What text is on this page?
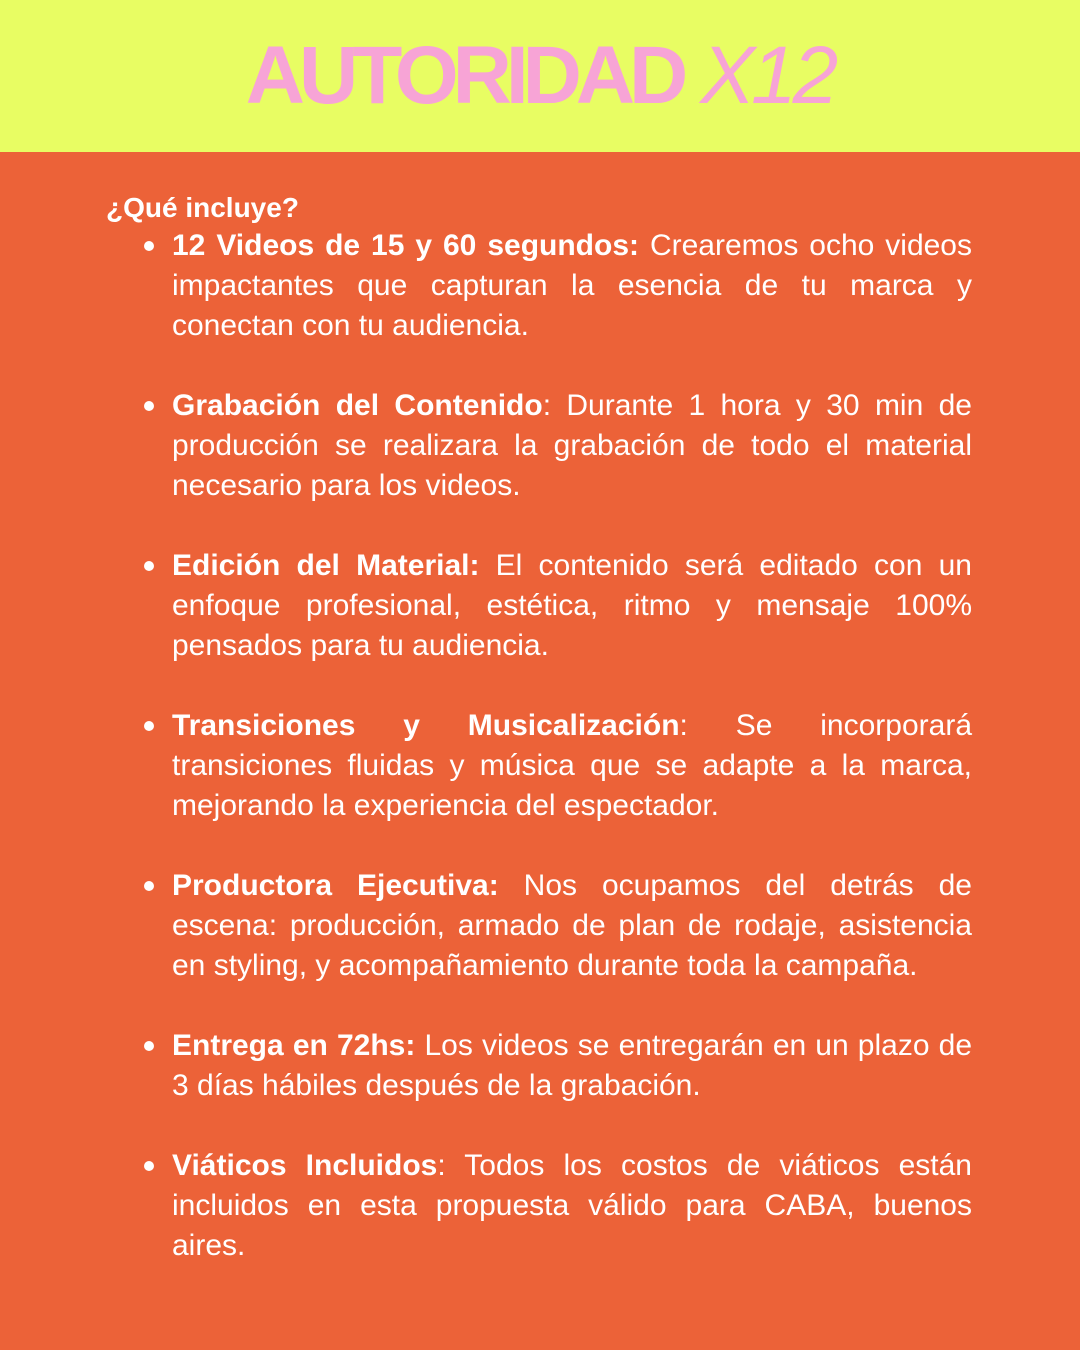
AUTORIDAD X12

¿Qué incluye?

12 Videos de 15 y 60 segundos: Crearemos ocho videos impactantes que capturan la esencia de tu marca y conectan con tu audiencia.
Grabación del Contenido: Durante 1 hora y 30 min de producción se realizara la grabación de todo el material necesario para los videos.
Edición del Material: El contenido será editado con un enfoque profesional, estética, ritmo y mensaje 100% pensados para tu audiencia.
Transiciones y Musicalización: Se incorporará transiciones fluidas y música que se adapte a la marca, mejorando la experiencia del espectador.
Productora Ejecutiva: Nos ocupamos del detrás de escena: producción, armado de plan de rodaje, asistencia en styling, y acompañamiento durante toda la campaña.
Entrega en 72hs: Los videos se entregarán en un plazo de 3 días hábiles después de la grabación.
Viáticos Incluidos: Todos los costos de viáticos están incluidos en esta propuesta válido para CABA, buenos aires.
